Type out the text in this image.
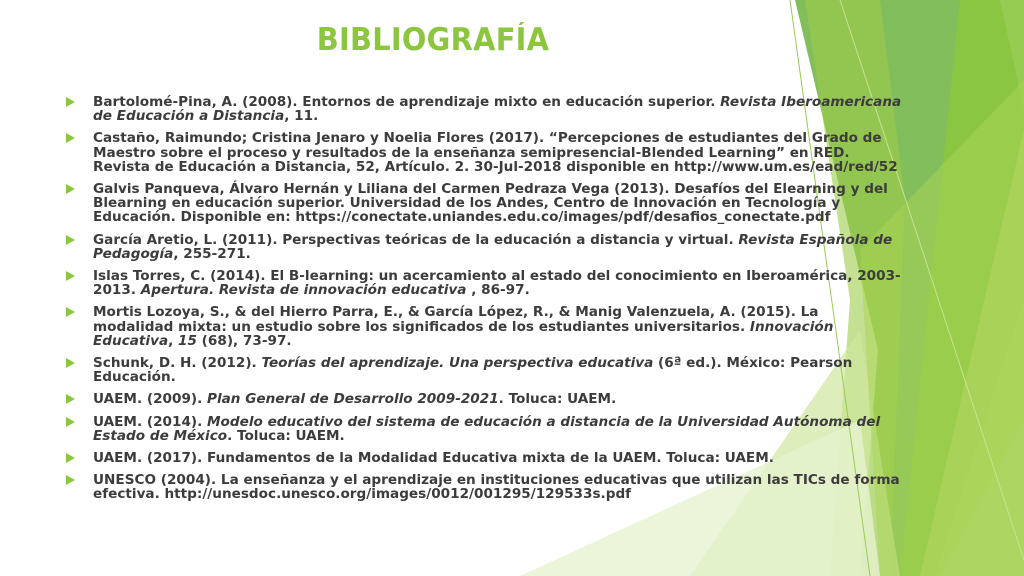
BIBLIOGRAFÍA
Bartolomé-Pina, A. (2008). Entornos de aprendizaje mixto en educación superior. Revista Iberoamericana de Educación a Distancia, 11.
Castaño, Raimundo; Cristina Jenaro y Noelia Flores (2017). “Percepciones de estudiantes del Grado de Maestro sobre el proceso y resultados de la enseñanza semipresencial-Blended Learning” en RED. Revista de Educación a Distancia, 52, Artículo. 2. 30-Jul-2018 disponible en http://www.um.es/ead/red/52
Galvis Panqueva, Álvaro Hernán y Liliana del Carmen Pedraza Vega (2013). Desafíos del Elearning y del Blearning en educación superior. Universidad de los Andes, Centro de Innovación en Tecnología y Educación. Disponible en: https://conectate.uniandes.edu.co/images/pdf/desafios_conectate.pdf
García Aretio, L. (2011). Perspectivas teóricas de la educación a distancia y virtual. Revista Española de Pedagogía, 255-271.
Islas Torres, C. (2014). El B-learning: un acercamiento al estado del conocimiento en Iberoamérica, 2003-2013. Apertura. Revista de innovación educativa , 86-97.
Mortis Lozoya, S., & del Hierro Parra, E., & García López, R., & Manig Valenzuela, A. (2015). La modalidad mixta: un estudio sobre los significados de los estudiantes universitarios. Innovación Educativa, 15 (68), 73-97.
Schunk, D. H. (2012). Teorías del aprendizaje. Una perspectiva educativa (6ª ed.). México: Pearson Educación.
UAEM. (2009). Plan General de Desarrollo 2009-2021. Toluca: UAEM.
UAEM. (2014). Modelo educativo del sistema de educación a distancia de la Universidad Autónoma del Estado de México. Toluca: UAEM.
UAEM. (2017). Fundamentos de la Modalidad Educativa mixta de la UAEM. Toluca: UAEM.
UNESCO (2004). La enseñanza y el aprendizaje en instituciones educativas que utilizan las TICs de forma efectiva. http://unesdoc.unesco.org/images/0012/001295/129533s.pdf
